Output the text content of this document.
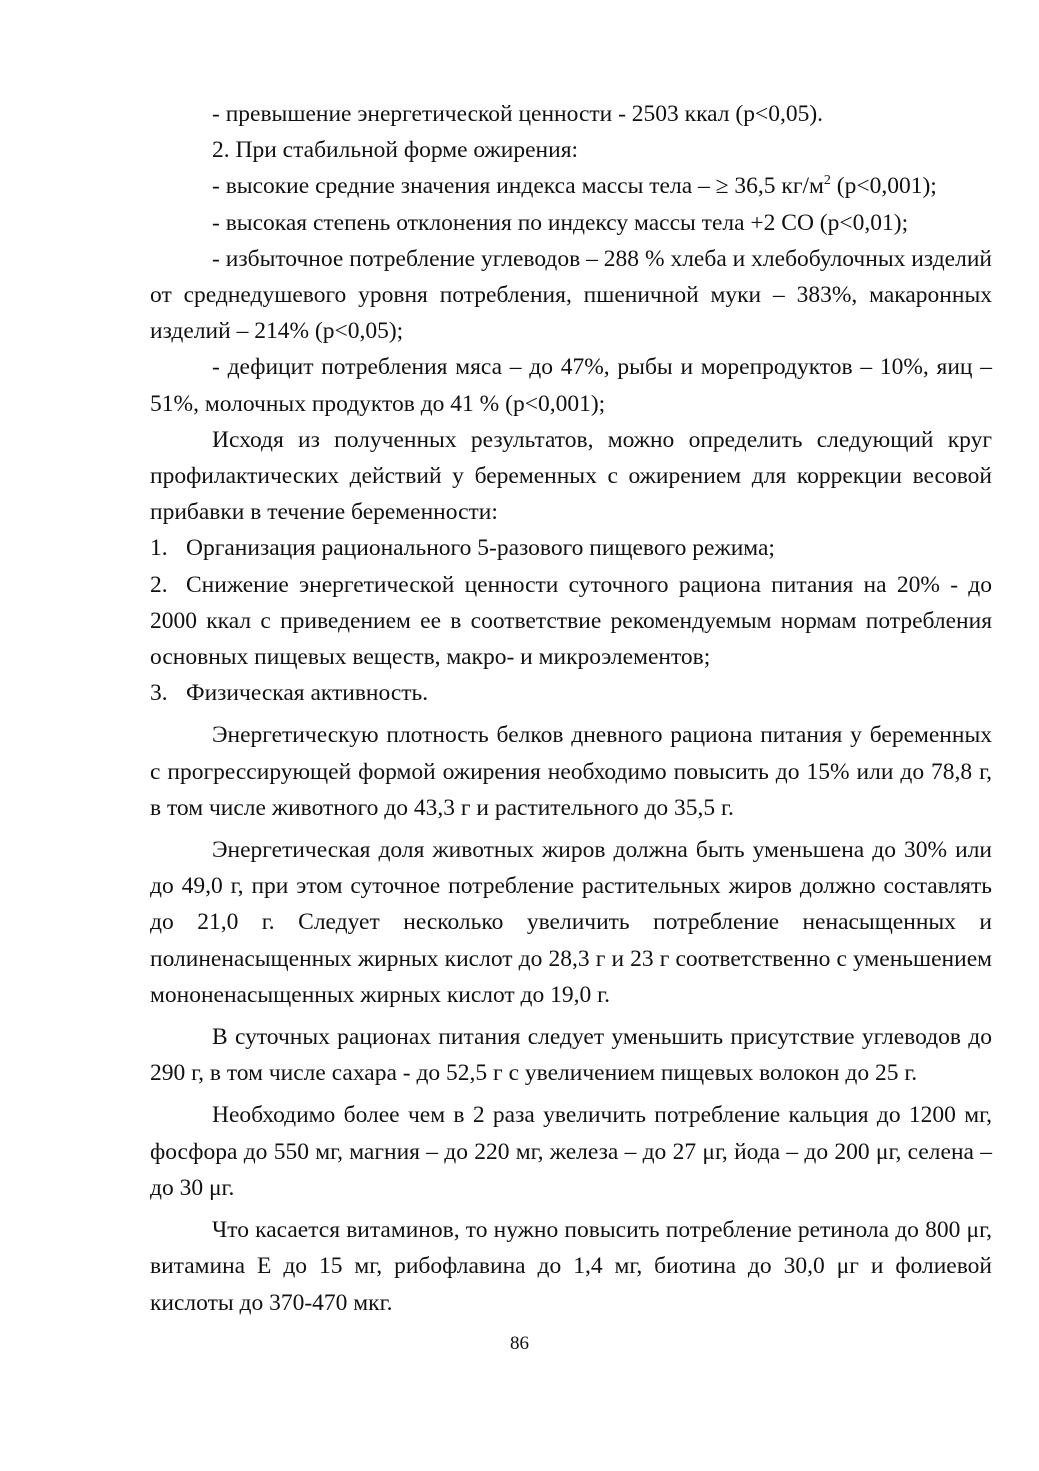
- превышение энергетической ценности - 2503 ккал (р<0,05).

2. При стабильной форме ожирения:

- высокие средние значения индекса массы тела – ≥ 36,5 $кг/м^2$ (р<0,001);

- высокая степень отклонения по индексу массы тела +2 СО (р<0,01);

- избыточное потребление углеводов – 288 % хлеба и хлебобулочных изделий от среднедушевого уровня потребления, пшеничной муки – 383%, макаронных изделий – 214% (р<0,05);

- дефицит потребления мяса – до 47%, рыбы и морепродуктов – 10%, яиц – 51%, молочных продуктов до 41 % (р<0,001);

Исходя из полученных результатов, можно определить следующий круг профилактических действий у беременных с ожирением для коррекции весовой прибавки в течение беременности:

1. Организация рационального 5-разового пищевого режима;

2. Снижение энергетической ценности суточного рациона питания на 20% - до 2000 ккал с приведением ее в соответствие рекомендуемым нормам потребления основных пищевых веществ, макро- и микроэлементов;

3. Физическая активность.

Энергетическую плотность белков дневного рациона питания у беременных с прогрессирующей формой ожирения необходимо повысить до 15% или до 78,8 г, в том числе животного до 43,3 г и растительного до 35,5 г.

Энергетическая доля животных жиров должна быть уменьшена до 30% или до 49,0 г, при этом суточное потребление растительных жиров должно составлять до 21,0 г. Следует несколько увеличить потребление ненасыщенных и полиненасыщенных жирных кислот до 28,3 г и 23 г соответственно с уменьшением мононенасыщенных жирных кислот до 19,0 г.

В суточных рационах питания следует уменьшить присутствие углеводов до 290 г, в том числе сахара - до 52,5 г с увеличением пищевых волокон до 25 г.

Необходимо более чем в 2 раза увеличить потребление кальция до 1200 мг, фосфора до 550 мг, магния – до 220 мг, железа – до 27 μг, йода – до 200 μг, селена – до 30 μг.

Что касается витаминов, то нужно повысить потребление ретинола до 800 μг, витамина Е до 15 мг, рибофлавина до 1,4 мг, биотина до 30,0 μг и фолиевой кислоты до 370-470 мкг.

86
